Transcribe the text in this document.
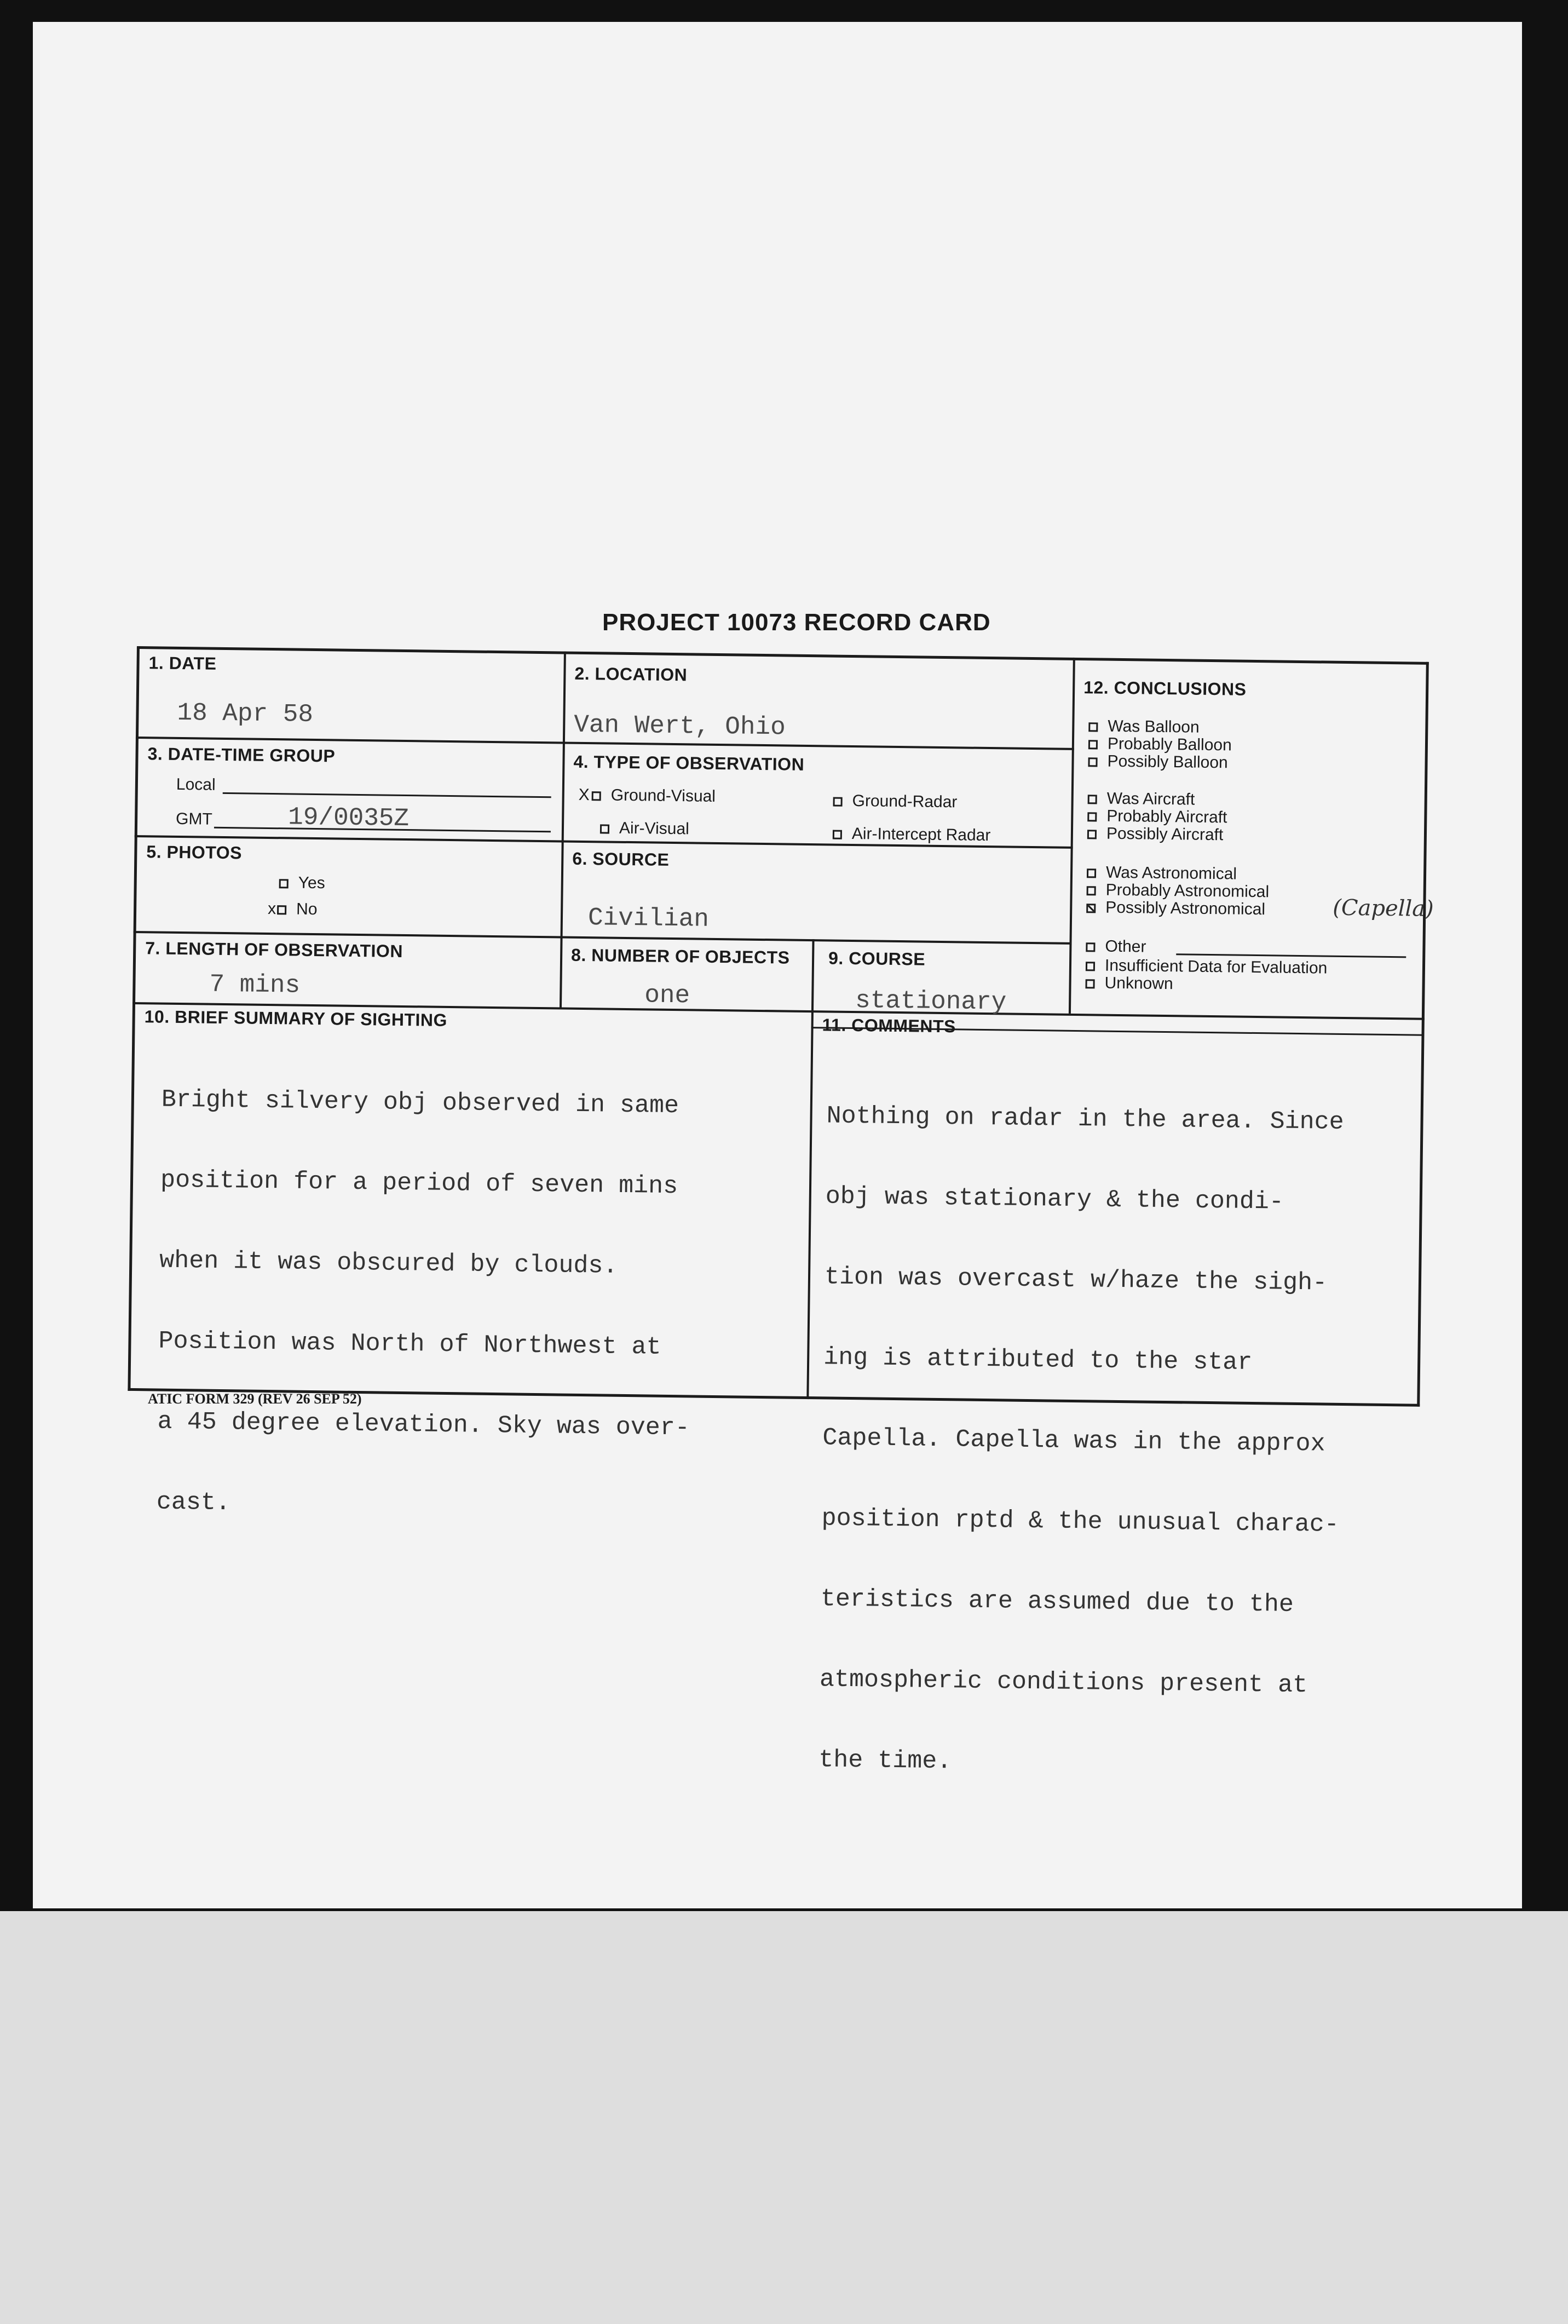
PROJECT 10073 RECORD CARD
1. DATE
18 Apr 58
2. LOCATION
Van Wert, Ohio
3. DATE-TIME GROUP
Local
GMT	19/0035Z
4. TYPE OF OBSERVATION
X Ground-Visual	Ground-Radar
Air-Visual	Air-Intercept Radar
5. PHOTOS
Yes
x No
6. SOURCE
Civilian
7. LENGTH OF OBSERVATION
7 mins
8. NUMBER OF OBJECTS
one
9. COURSE
stationary
10. BRIEF SUMMARY OF SIGHTING

Bright silvery obj observed in same

position for a period of seven mins

when it was obscured by clouds.

Position was North of Northwest at

a 45 degree elevation. Sky was over-

cast.

11. COMMENTS

Nothing on radar in the area. Since

obj was stationary & the condi-

tion was overcast w/haze the sigh-

ing is attributed to the star

Capella. Capella was in the approx

position rptd & the unusual charac-

teristics are assumed due to the

atmospheric conditions present at

the time.

12. CONCLUSIONS
Was Balloon
Probably Balloon
Possibly Balloon
Was Aircraft
Probably Aircraft
Possibly Aircraft
Was Astronomical
Probably Astronomical
Possibly Astronomical	(Capella)
Other
Insufficient Data for Evaluation
Unknown
ATIC FORM 329 (REV 26 SEP 52)
